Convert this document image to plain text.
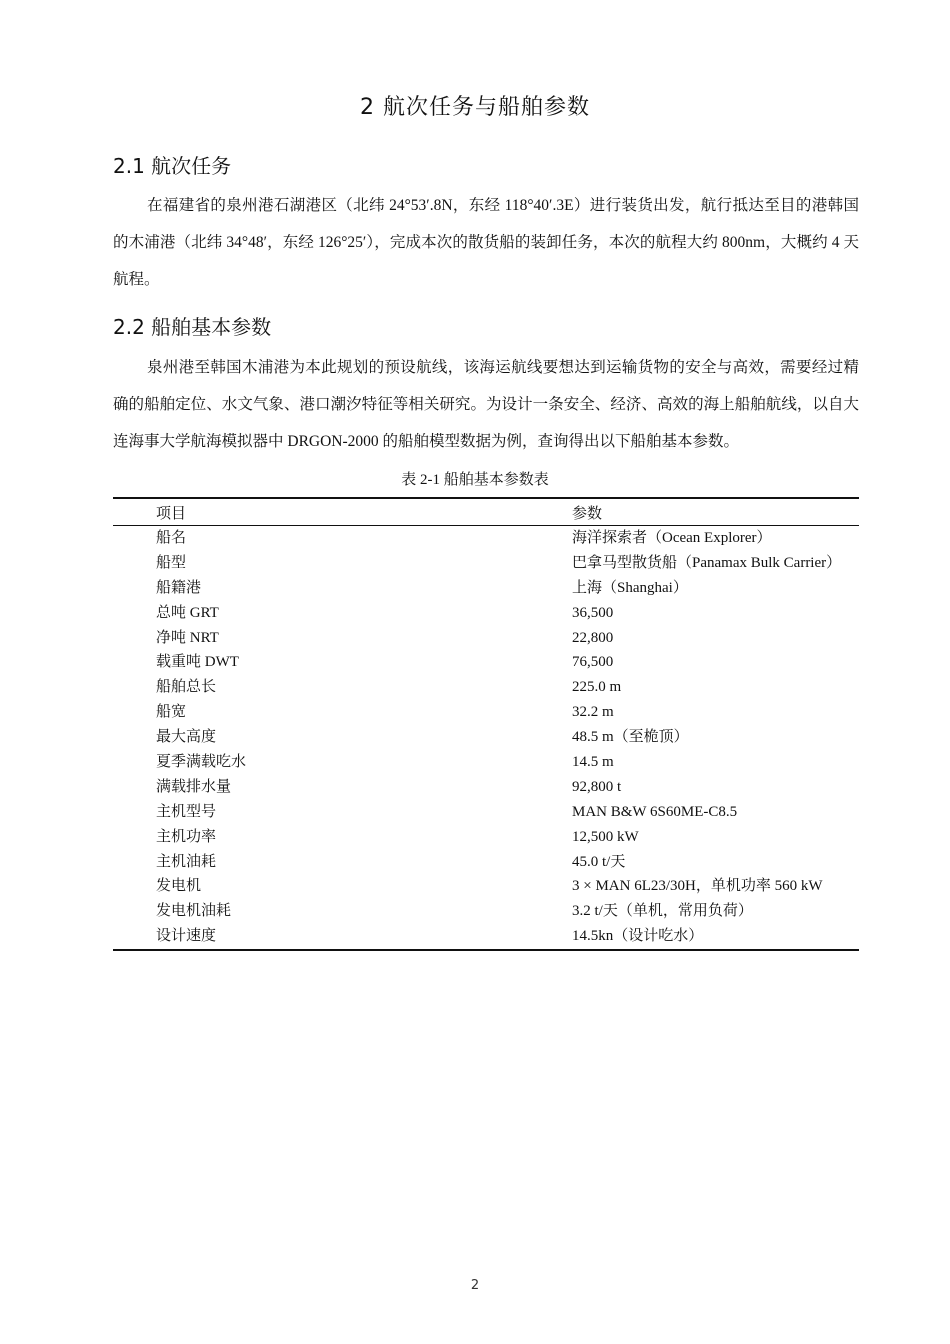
2 航次任务与船舶参数
2.1 航次任务

在福建省的泉州港石湖港区（北纬 24°53′.8N，东经 118°40′.3E）进行装货出发，航行抵达至目的港韩国的木浦港（北纬 34°48′，东经 126°25′），完成本次的散货船的装卸任务，本次的航程大约 800nm，大概约 4 天航程。

2.2 船舶基本参数

泉州港至韩国木浦港为本此规划的预设航线，该海运航线要想达到运输货物的安全与高效，需要经过精确的船舶定位、水文气象、港口潮汐特征等相关研究。为设计一条安全、经济、高效的海上船舶航线，以自大连海事大学航海模拟器中 DRGON-2000 的船舶模型数据为例，查询得出以下船舶基本参数。

表 2-1 船舶基本参数表
项目	参数
船名	海洋探索者（Ocean Explorer）
船型	巴拿马型散货船（Panamax Bulk Carrier）
船籍港	上海（Shanghai）
总吨 GRT	36,500
净吨 NRT	22,800
载重吨 DWT	76,500
船舶总长	225.0 m
船宽	32.2 m
最大高度	48.5 m（至桅顶）
夏季满载吃水	14.5 m
满载排水量	92,800 t
主机型号	MAN B&W 6S60ME-C8.5
主机功率	12,500 kW
主机油耗	45.0 t/天
发电机	3 × MAN 6L23/30H，单机功率 560 kW
发电机油耗	3.2 t/天（单机，常用负荷）
设计速度	14.5kn（设计吃水）
2
